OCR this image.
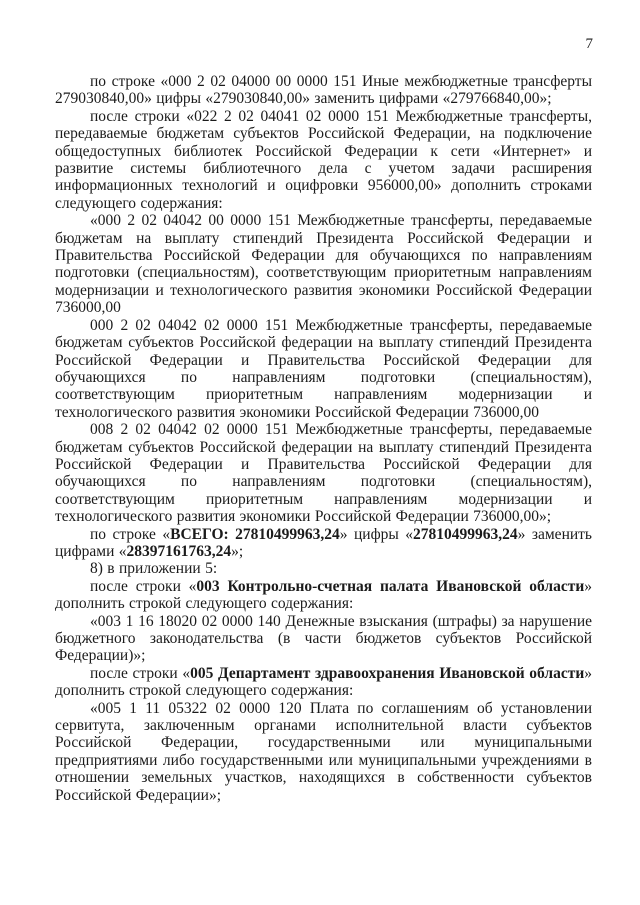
7

по строке «000 2 02 04000 00 0000 151 Иные межбюджетные трансферты 279030840,00» цифры «279030840,00» заменить цифрами «279766840,00»;

после строки «022 2 02 04041 02 0000 151 Межбюджетные трансферты, передаваемые бюджетам субъектов Российской Федерации, на подключение общедоступных библиотек Российской Федерации к сети «Интернет» и развитие системы библиотечного дела с учетом задачи расширения информационных технологий и оцифровки 956000,00» дополнить строками следующего содержания:

«000 2 02 04042 00 0000 151 Межбюджетные трансферты, передаваемые бюджетам на выплату стипендий Президента Российской Федерации и Правительства Российской Федерации для обучающихся по направлениям подготовки (специальностям), соответствующим приоритетным направлениям модернизации и технологического развития экономики Российской Федерации 736000,00

000 2 02 04042 02 0000 151 Межбюджетные трансферты, передаваемые бюджетам субъектов Российской федерации на выплату стипендий Президента Российской Федерации и Правительства Российской Федерации для обучающихся по направлениям подготовки (специальностям), соответствующим приоритетным направлениям модернизации и технологического развития экономики Российской Федерации 736000,00

008 2 02 04042 02 0000 151 Межбюджетные трансферты, передаваемые бюджетам субъектов Российской федерации на выплату стипендий Президента Российской Федерации и Правительства Российской Федерации для обучающихся по направлениям подготовки (специальностям), соответствующим приоритетным направлениям модернизации и технологического развития экономики Российской Федерации 736000,00»;

по строке «ВСЕГО: 27810499963,24» цифры «27810499963,24» заменить цифрами «28397161763,24»;

8) в приложении 5:

после строки «003 Контрольно-счетная палата Ивановской области» дополнить строкой следующего содержания:

«003 1 16 18020 02 0000 140 Денежные взыскания (штрафы) за нарушение бюджетного законодательства (в части бюджетов субъектов Российской Федерации)»;

после строки «005 Департамент здравоохранения Ивановской области» дополнить строкой следующего содержания:

«005 1 11 05322 02 0000 120 Плата по соглашениям об установлении сервитута, заключенным органами исполнительной власти субъектов Российской Федерации, государственными или муниципальными предприятиями либо государственными или муниципальными учреждениями в отношении земельных участков, находящихся в собственности субъектов Российской Федерации»;
